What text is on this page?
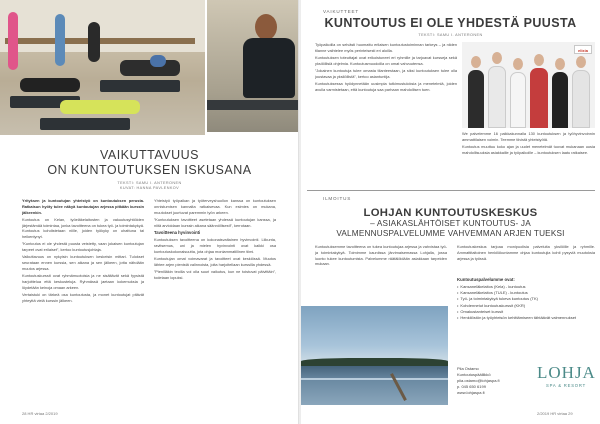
VAIKUTTAVUUS
ON KUNTOUTUKSEN ISKUSANA
TEKSTI: SAMU I. ANTERONEN
KUVAT: HANNA PAVLENKOV

Yrityksen ja kuntoutujan yhteistyö on kuntoutuksen perusta. Ratkaisun hyöty tulee näkyä kuntoutujan arjessa pitkään kurssin jälkeenkin.

Kuntoutus on Kelan, työeläkelaitosten ja vakuutusyhtiöiden järjestämää toimintaa, jonka tavoitteena on tukea työ- ja toimintakykyä. Kuntoutus kohdistetaan niille, joiden työkyky on uhattuna tai heikentynyt.

”Kuntoutus ei ole yhdestä puusta veistetty, vaan jokaisen kuntoutujan tarpeet ovat erilaiset”, kertoo kuntoutusjohtaja.

Vaikuttavuus on nykyisin kuntoutuksen keskeisin mittari. Tulokset seurataan ennen kurssia, sen aikana ja sen jälkeen, jotta nähdään muutos arjessa.

Kuntoutuskurssit ovat ryhmämuotoisia ja ne sisältävät sekä fyysistä harjoittelua että keskusteluja. Ryhmässä jaetaan kokemuksia ja löydetään keinoja omaan arkeen.

Vertaistuki on tärkeä osa kuntoutusta, ja monet kuntoutujat pitävät yhteyttä vielä kurssin jälkeen.

Yhteistyö työpaikan ja työterveyshuollon kanssa on kuntoutuksen onnistumisen kannalta ratkaisevaa. Kun esimies on mukana, muutokset juurtuvat paremmin työn arkeen.

”Kuntoutuksen tavoitteet asetetaan yhdessä kuntoutujan kanssa, ja niitä arvioidaan kurssin aikana säännöllisesti”, kerrotaan.

Tavoitteena hyvinvointi

Kuntoutuksen tavoitteena on kokonaisvaltainen hyvinvointi. Liikunta, ravitsemus, uni ja mielen hyvinvointi ovat kaikki osa kuntoutuskokonaisuutta, jota ohjaa moniammatillinen tiimi.

Kuntoutujan omat voimavarat ja tavoitteet ovat keskiössä. Muutos lähtee arjen pienistä valinnoista, joita harjoitellaan kurssilla yhdessä.

”Pienilläkin teoilla voi olla suuri vaikutus, kun ne toistuvat päivittäin”, todetaan lopuksi.

28 HR virtaa 2/2019
VAIKUTTEET
KUNTOUTUS EI OLE YHDESTÄ PUUSTA
TEKSTI: SAMU I. ANTERONEN

Työpaikoilla on selvästi huomattu erilaisen kuntoutustoiminnan tarkeys – ja niiden tilanne vaihtelee myös perinteisesti eri aloilla.

Kuntoutuksen toteuttajat ovat erikoistuneet eri ryhmille ja tarjoavat kursseja sekä yksilöllisiä ohjelmia. Kuntoutusmuodoilla on omat vahvuutensa.

”Jokainen kuntoutuja tulee omasta tilanteestaan, ja siksi kuntoutuksen tulee olla joustavaa ja yksilöllistä”, kertoo asiantuntija.

Kuntoutuksessa hyödynnetään uusimpia tutkimustuloksia ja menetelmiä, joiden avulla varmistetaan, että kuntoutuja saa parhaan mahdollisen tuen.

elixia

We palvelemme 16 paikkakunnalla 130 kuntoutuksen ja työhyvinvoinnin ammattilaisen voimin. Teemme tiivistä yhteistyötä.

Kuntoutus muuttuu koko ajan ja uudet menetelmät tuovat mukanaan uusia mahdollisuuksia asiakkaille ja työpaikoille – kuntoutuksen laatu ratkaisee.

ILMOITUS
LOHJAN KUNTOUTUSKESKUS
– ASIAKASLÄHTÖISET KUNTOUTUS- JA
VALMENNUSPALVELUMME VAHVEMMAN ARJEN TUEKSI

Kuntoutuksemme tavoitteena on tukea kuntoutujaa arjessa ja vahvistaa työ- ja toimintakykyä. Toimimme kauniissa järvimaisemassa Lohjalla, jossa luonto tukee kuntoutumista. Palvelumme räätälöidään asiakkaan tarpeiden mukaan.

Kuntoutuskeskus tarjoaa monipuolisia palveluita yksilöille ja ryhmille. Ammattitaitoinen henkilökuntamme ohjaa kuntoutujia kohti pysyviä muutoksia arjessa ja työssä.

Kuntoutuspalvelumme ovat:
• Kansaneläkelaitos (Kela) - kuntoutus
• Kansaneläkelaitos (TULE) - kuntoutus
• Työ- ja toimintakykyä tukeva kuntoutus (TK)
• Kohdennetut kuntoutuskurssit (KKR)
• Omakustanteiset kurssit
• Henkilöstön ja työyhteisön kehittämiseen tähtäävät valmennukset
Piia Ostamo
Kuntoutuspäällikkö
piia.ostamo@lohjaspa.fi
p. 045 650 6199
www.lohjaspa.fi
LOHJA
SPA & RESORT
2/2019 HR virtaa 29
